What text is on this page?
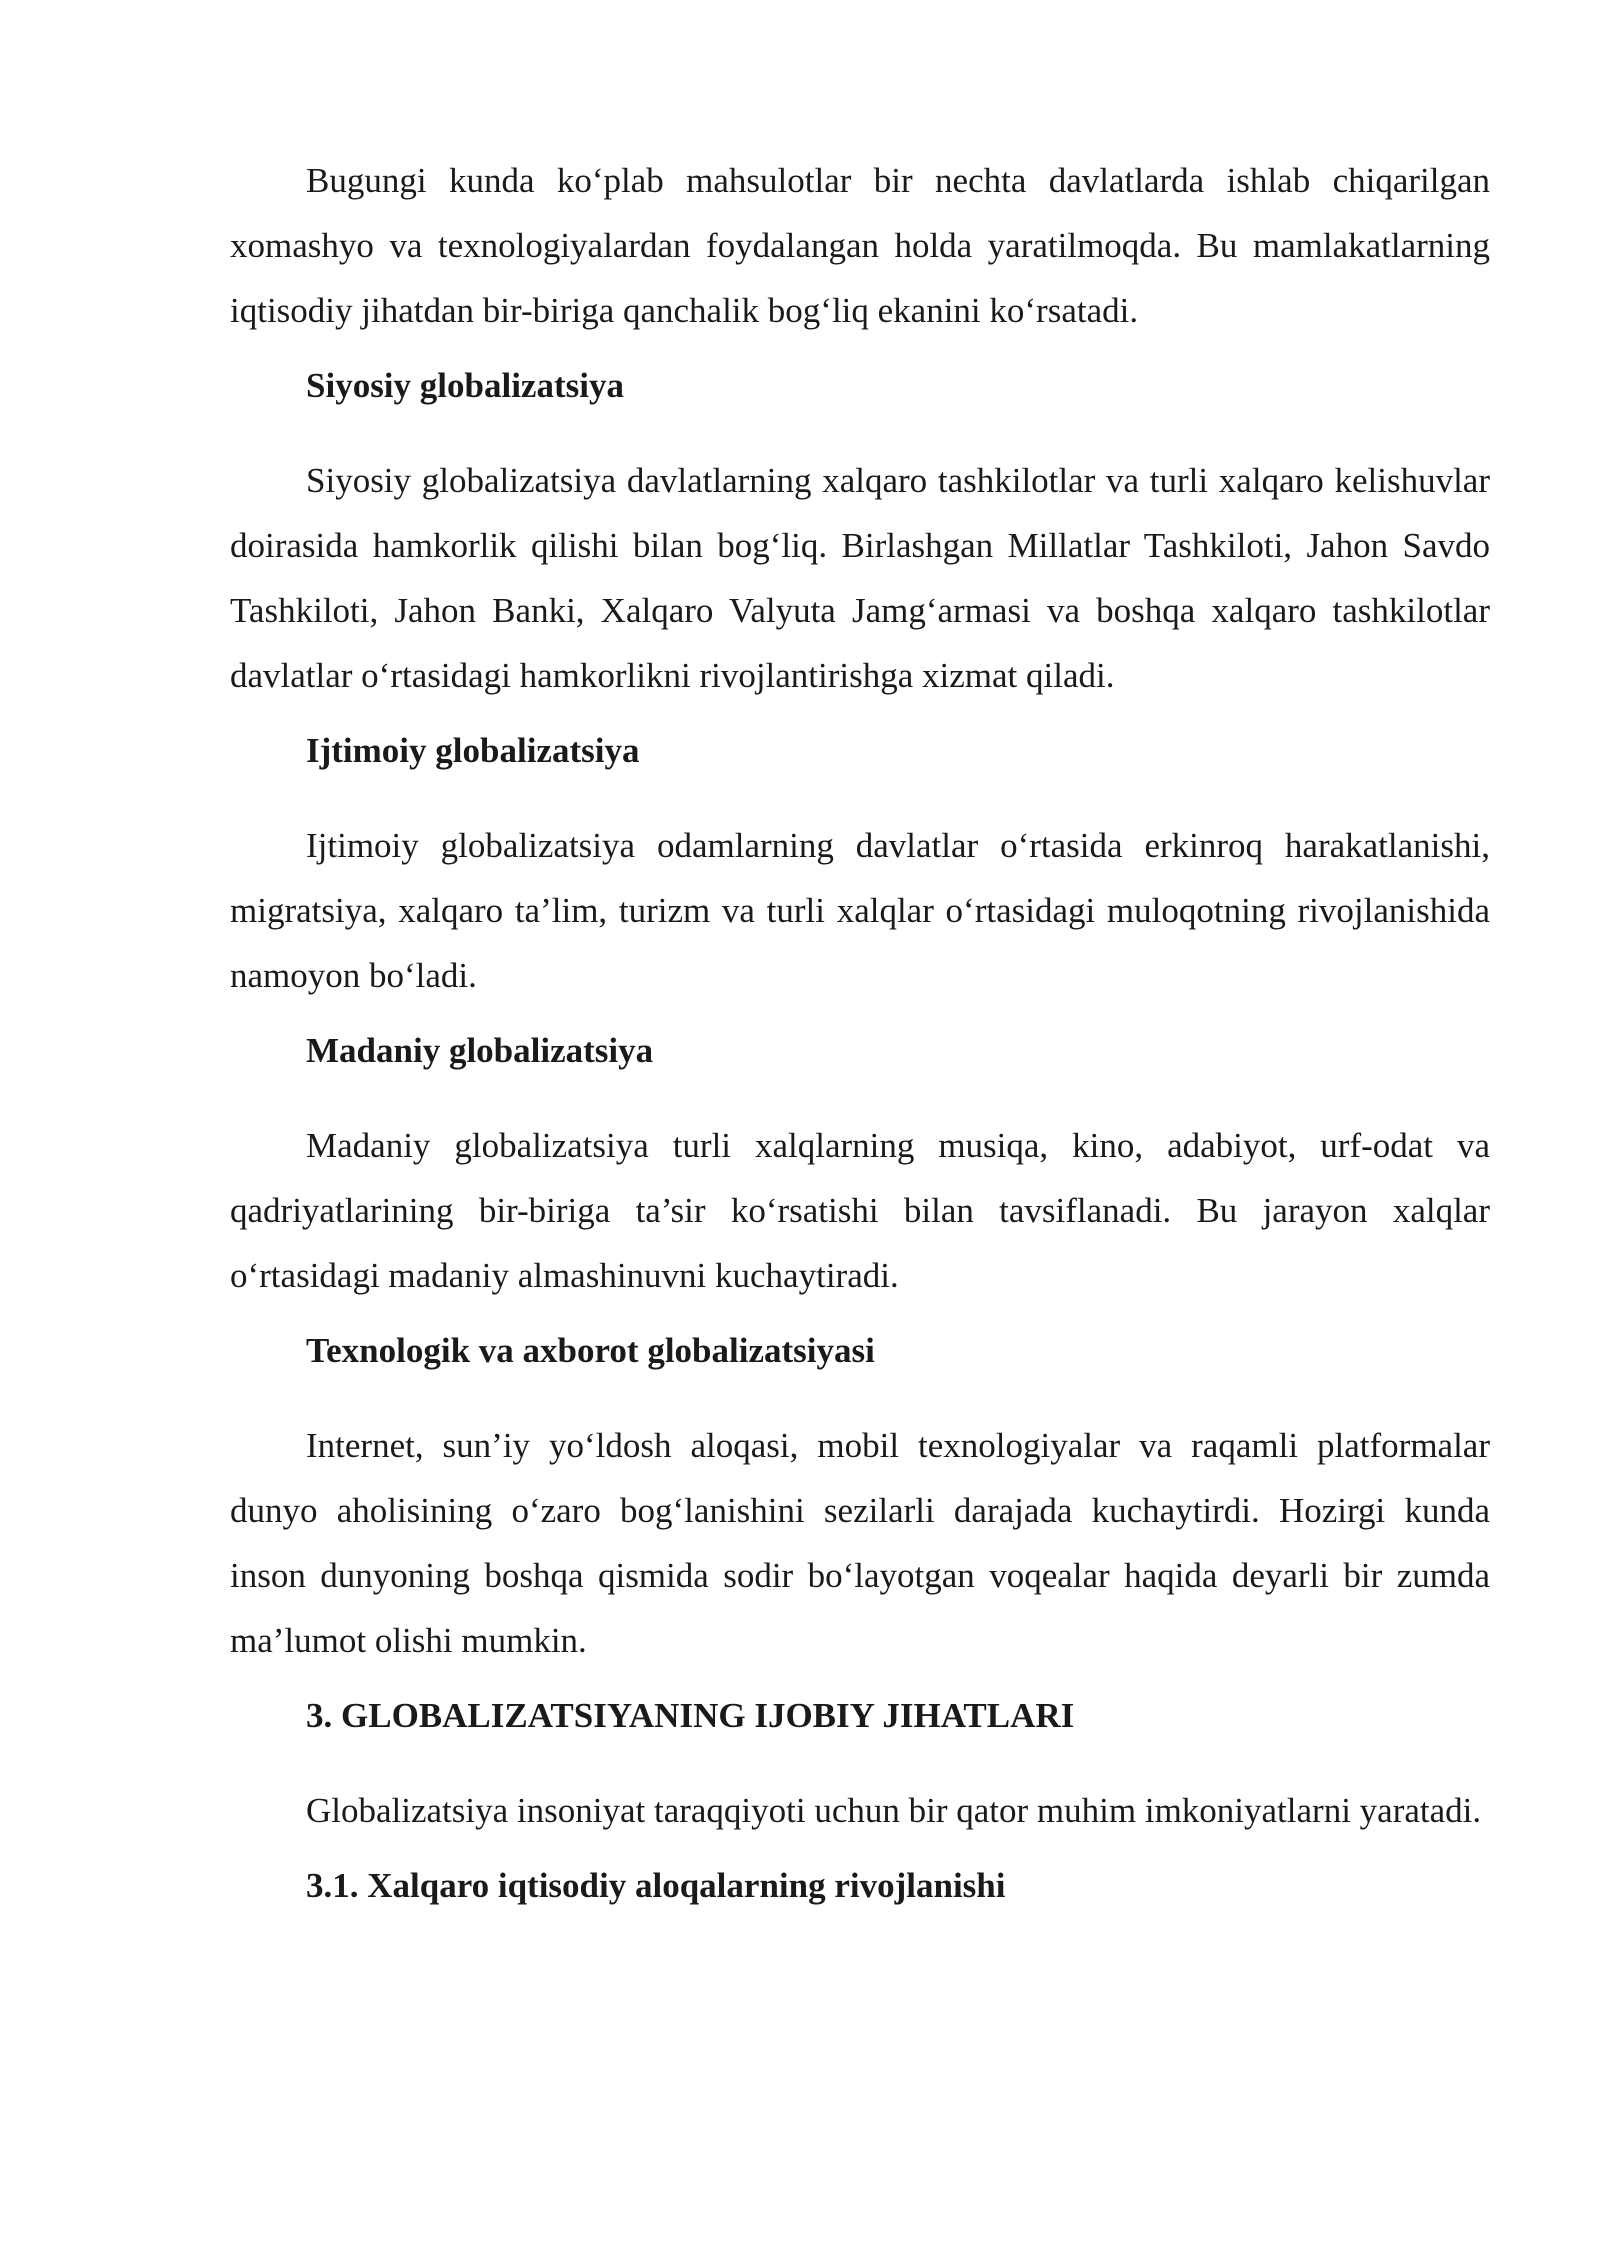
Bugungi kunda ko‘plab mahsulotlar bir nechta davlatlarda ishlab chiqarilgan xomashyo va texnologiyalardan foydalangan holda yaratilmoqda. Bu mamlakatlarning iqtisodiy jihatdan bir-biriga qanchalik bog‘liq ekanini ko‘rsatadi.

Siyosiy globalizatsiya

Siyosiy globalizatsiya davlatlarning xalqaro tashkilotlar va turli xalqaro kelishuvlar doirasida hamkorlik qilishi bilan bog‘liq. Birlashgan Millatlar Tashkiloti, Jahon Savdo Tashkiloti, Jahon Banki, Xalqaro Valyuta Jamg‘armasi va boshqa xalqaro tashkilotlar davlatlar o‘rtasidagi hamkorlikni rivojlantirishga xizmat qiladi.

Ijtimoiy globalizatsiya

Ijtimoiy globalizatsiya odamlarning davlatlar o‘rtasida erkinroq harakatlanishi, migratsiya, xalqaro ta’lim, turizm va turli xalqlar o‘rtasidagi muloqotning rivojlanishida namoyon bo‘ladi.

Madaniy globalizatsiya

Madaniy globalizatsiya turli xalqlarning musiqa, kino, adabiyot, urf-odat va qadriyatlarining bir-biriga ta’sir ko‘rsatishi bilan tavsiflanadi. Bu jarayon xalqlar o‘rtasidagi madaniy almashinuvni kuchaytiradi.

Texnologik va axborot globalizatsiyasi

Internet, sun’iy yo‘ldosh aloqasi, mobil texnologiyalar va raqamli platformalar dunyo aholisining o‘zaro bog‘lanishini sezilarli darajada kuchaytirdi. Hozirgi kunda inson dunyoning boshqa qismida sodir bo‘layotgan voqealar haqida deyarli bir zumda ma’lumot olishi mumkin.

3. GLOBALIZATSIYANING IJOBIY JIHATLARI

Globalizatsiya insoniyat taraqqiyoti uchun bir qator muhim imkoniyatlarni yaratadi.

3.1. Xalqaro iqtisodiy aloqalarning rivojlanishi
